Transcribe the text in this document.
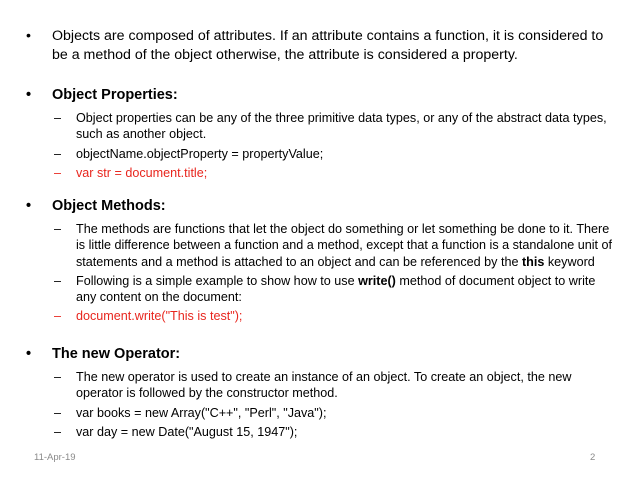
• Objects are composed of attributes. If an attribute contains a function, it is considered to be a method of the object otherwise, the attribute is considered a property.
• Object Properties:
– Object properties can be any of the three primitive data types, or any of the abstract data types, such as another object.
– objectName.objectProperty = propertyValue;
– var str = document.title;
• Object Methods:
– The methods are functions that let the object do something or let something be done to it. There is little difference between a function and a method, except that a function is a standalone unit of statements and a method is attached to an object and can be referenced by the this keyword
– Following is a simple example to show how to use write() method of document object to write any content on the document:
– document.write("This is test");
• The new Operator:
– The new operator is used to create an instance of an object. To create an object, the new operator is followed by the constructor method.
– var books = new Array("C++", "Perl", "Java");
– var day = new Date("August 15, 1947");
11-Apr-19	2
